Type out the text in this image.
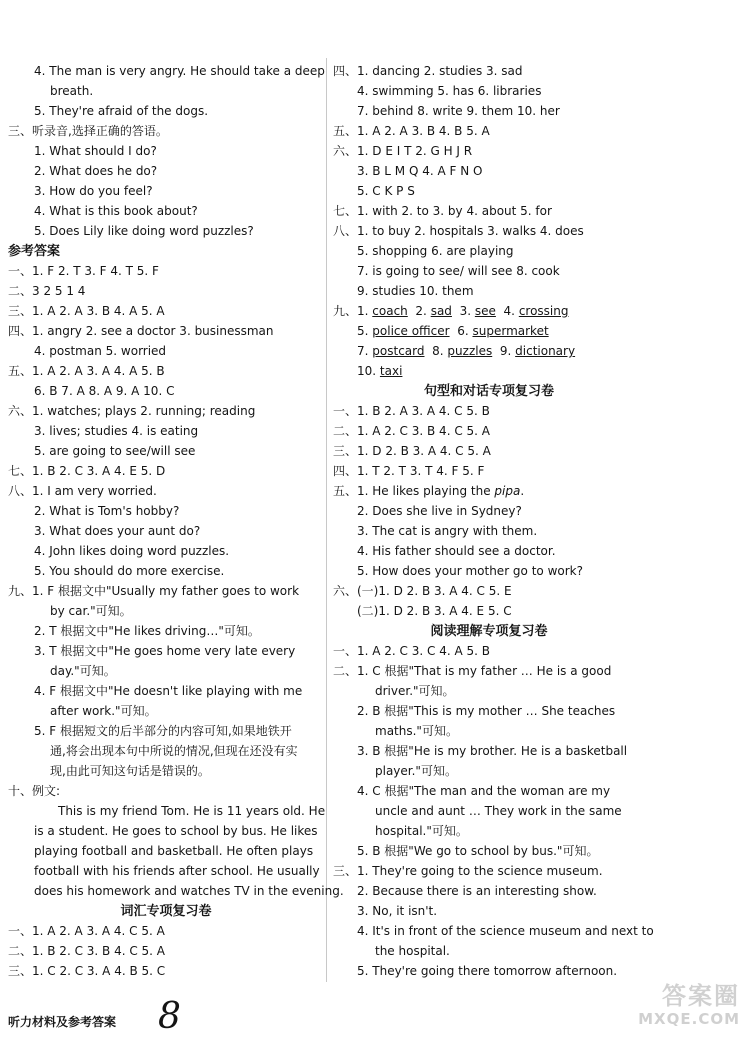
4. The man is very angry. He should take a deep
breath.
5. They're afraid of the dogs.
三、听录音,选择正确的答语。
1. What should I do?
2. What does he do?
3. How do you feel?
4. What is this book about?
5. Does Lily like doing word puzzles?
参考答案
一、1. F 2. T 3. F 4. T 5. F
二、3 2 5 1 4
三、1. A 2. A 3. B 4. A 5. A
四、1. angry 2. see a doctor 3. businessman
4. postman 5. worried
五、1. A 2. A 3. A 4. A 5. B
6. B 7. A 8. A 9. A 10. C
六、1. watches; plays 2. running; reading
3. lives; studies 4. is eating
5. are going to see/will see
七、1. B 2. C 3. A 4. E 5. D
八、1. I am very worried.
2. What is Tom's hobby?
3. What does your aunt do?
4. John likes doing word puzzles.
5. You should do more exercise.
九、1. F 根据文中"Usually my father goes to work
by car."可知。
2. T 根据文中"He likes driving…"可知。
3. T 根据文中"He goes home very late every
day."可知。
4. F 根据文中"He doesn't like playing with me
after work."可知。
5. F 根据短文的后半部分的内容可知,如果地铁开
通,将会出现本句中所说的情况,但现在还没有实
现,由此可知这句话是错误的。
十、例文:
This is my friend Tom. He is 11 years old. He
is a student. He goes to school by bus. He likes
playing football and basketball. He often plays
football with his friends after school. He usually
does his homework and watches TV in the evening.
词汇专项复习卷
一、1. A 2. A 3. A 4. C 5. A
二、1. B 2. C 3. B 4. C 5. A
三、1. C 2. C 3. A 4. B 5. C
四、1. dancing 2. studies 3. sad
4. swimming 5. has 6. libraries
7. behind 8. write 9. them 10. her
五、1. A 2. A 3. B 4. B 5. A
六、1. D E I T 2. G H J R
3. B L M Q 4. A F N O
5. C K P S
七、1. with 2. to 3. by 4. about 5. for
八、1. to buy 2. hospitals 3. walks 4. does
5. shopping 6. are playing
7. is going to see/ will see 8. cook
9. studies 10. them
九、1. coach 2. sad 3. see 4. crossing
5. police officer 6. supermarket
7. postcard 8. puzzles 9. dictionary
10. taxi
句型和对话专项复习卷
一、1. B 2. A 3. A 4. C 5. B
二、1. A 2. C 3. B 4. C 5. A
三、1. D 2. B 3. A 4. C 5. A
四、1. T 2. T 3. T 4. F 5. F
五、1. He likes playing the pipa.
2. Does she live in Sydney?
3. The cat is angry with them.
4. His father should see a doctor.
5. How does your mother go to work?
六、(一)1. D 2. B 3. A 4. C 5. E
(二)1. D 2. B 3. A 4. E 5. C
阅读理解专项复习卷
一、1. A 2. C 3. C 4. A 5. B
二、1. C 根据"That is my father … He is a good
driver."可知。
2. B 根据"This is my mother … She teaches
maths."可知。
3. B 根据"He is my brother. He is a basketball
player."可知。
4. C 根据"The man and the woman are my
uncle and aunt … They work in the same
hospital."可知。
5. B 根据"We go to school by bus."可知。
三、1. They're going to the science museum.
2. Because there is an interesting show.
3. No, it isn't.
4. It's in front of the science museum and next to
the hospital.
5. They're going there tomorrow afternoon.
听力材料及参考答案 8	答案圈
MXQE.COM
